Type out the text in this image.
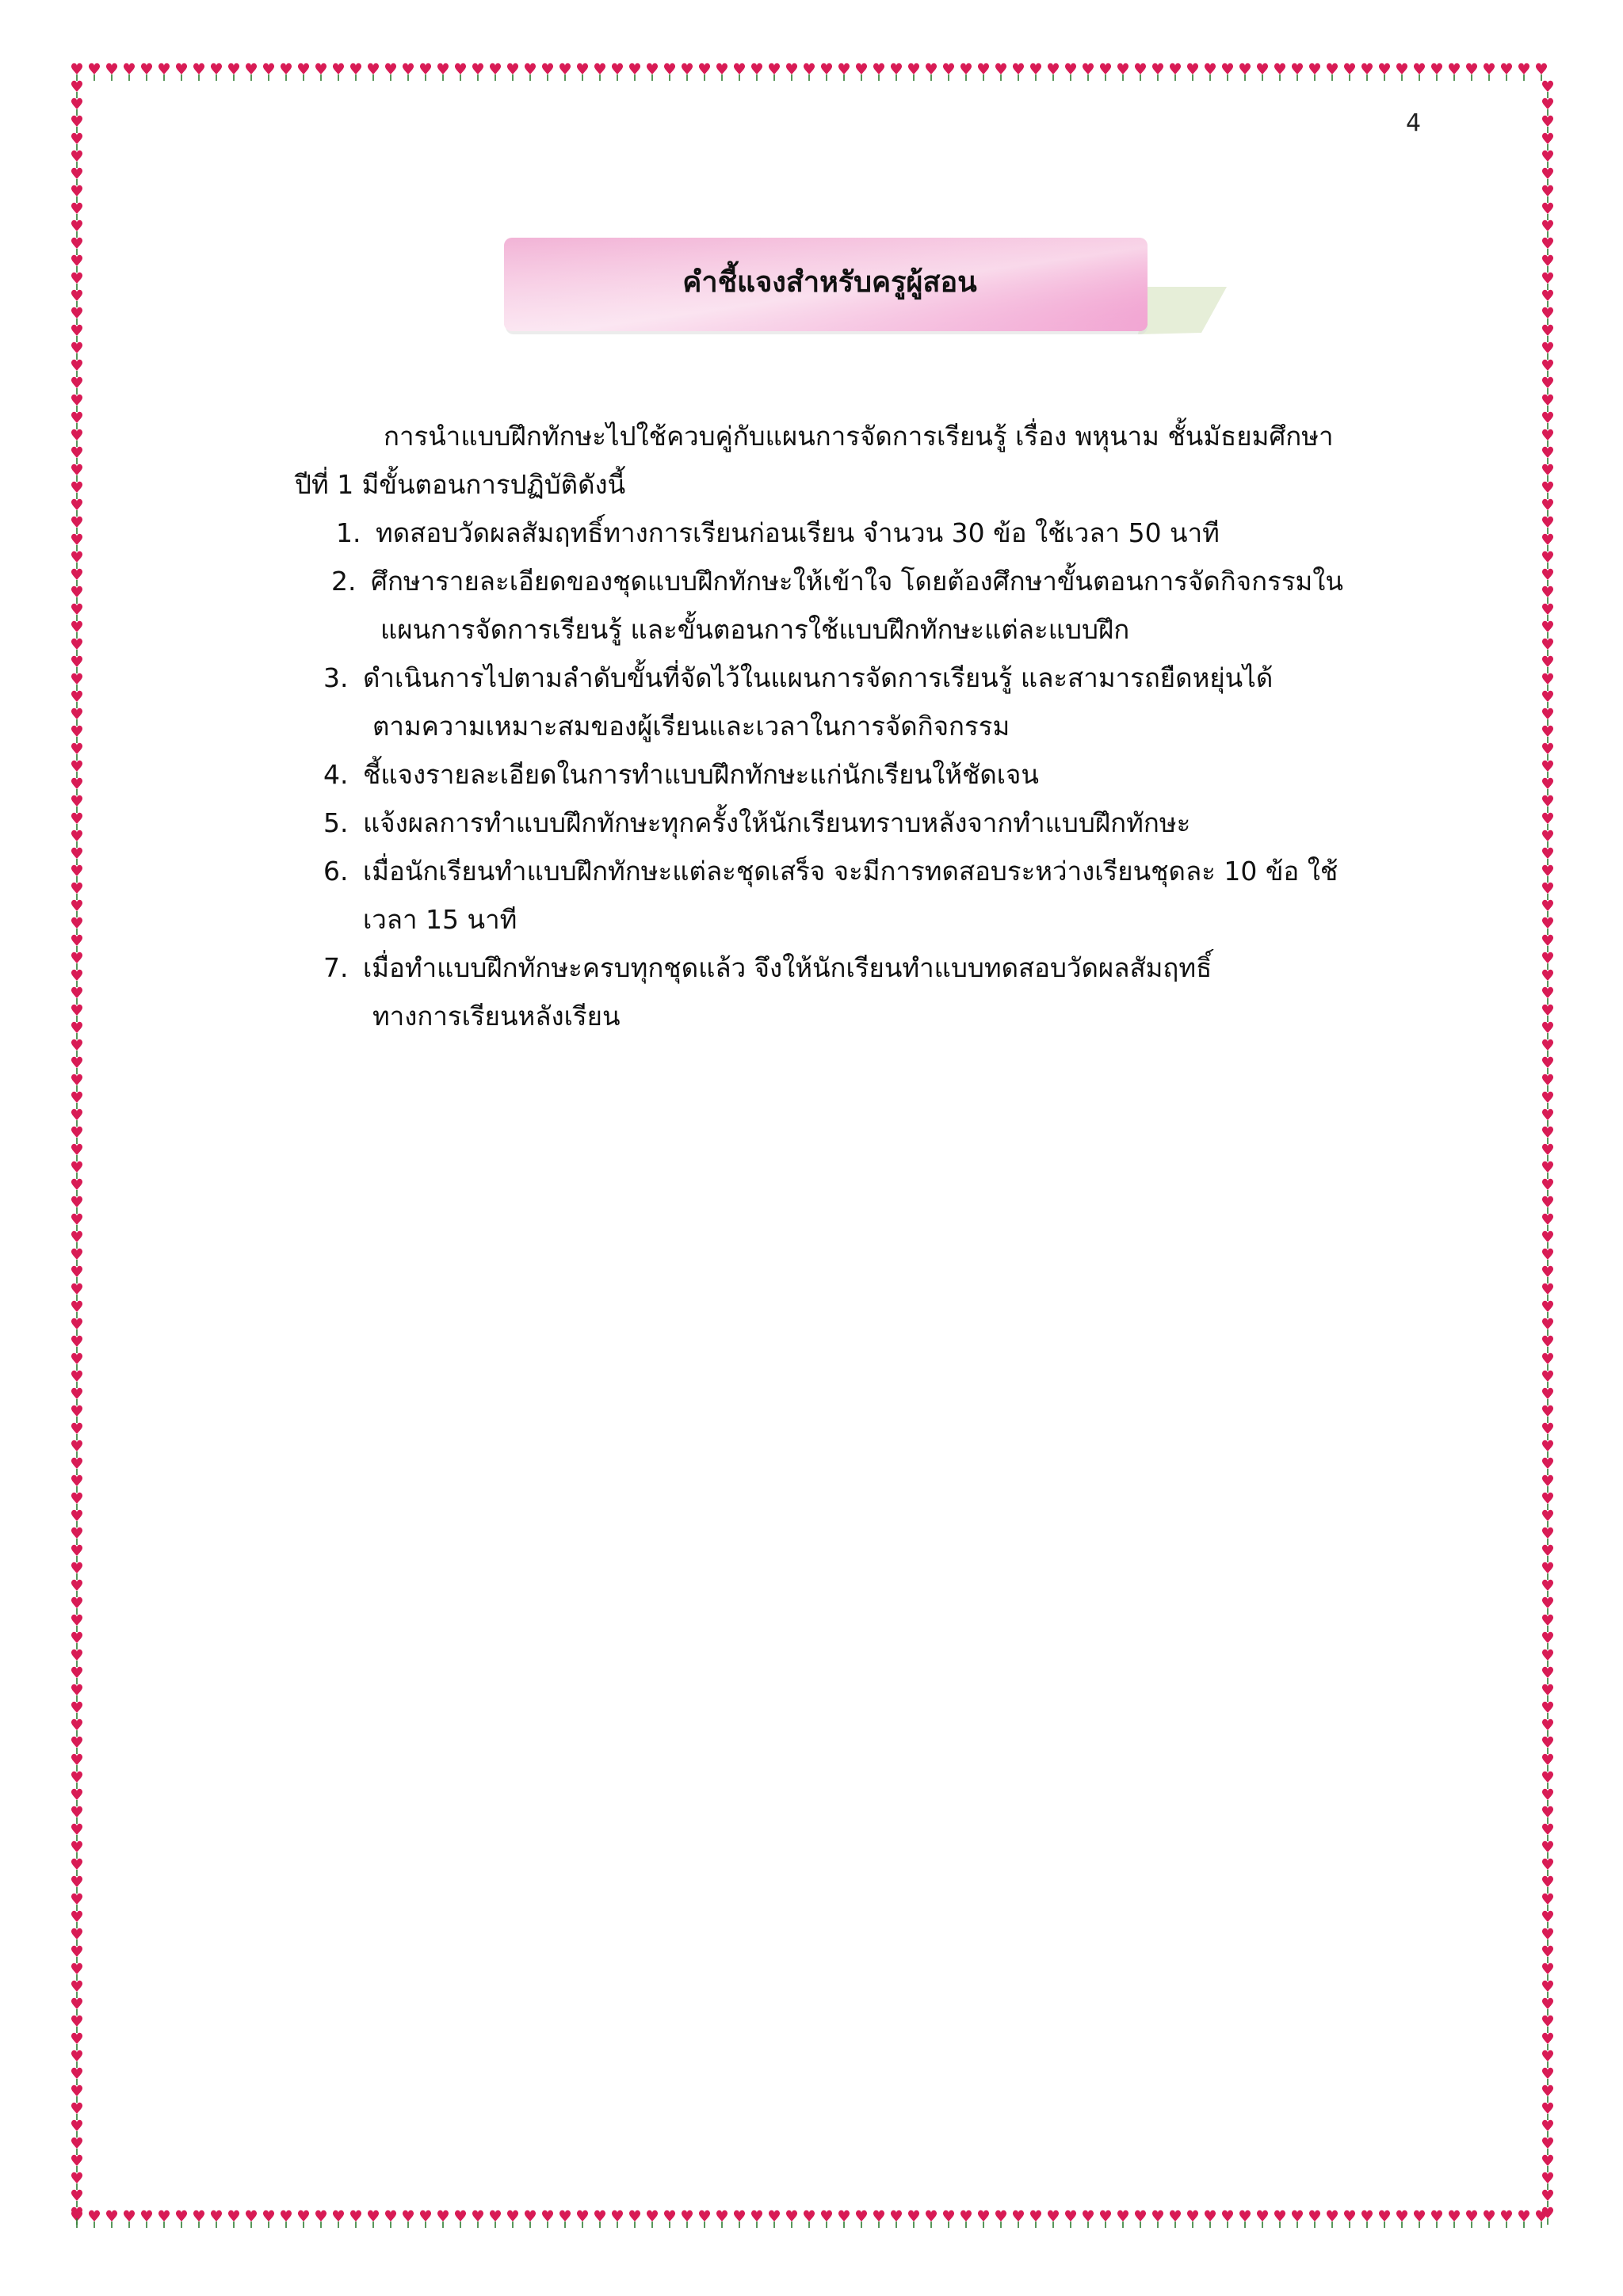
4
คำชี้แจงสำหรับครูผู้สอน

การนำแบบฝึกทักษะไปใช้ควบคู่กับแผนการจัดการเรียนรู้ เรื่อง พหุนาม ชั้นมัธยมศึกษา

ปีที่ 1 มีขั้นตอนการปฏิบัติดังนี้

1. ทดสอบวัดผลสัมฤทธิ์ทางการเรียนก่อนเรียน จำนวน 30 ข้อ ใช้เวลา 50 นาที
2. ศึกษารายละเอียดของชุดแบบฝึกทักษะให้เข้าใจ โดยต้องศึกษาขั้นตอนการจัดกิจกรรมใน
แผนการจัดการเรียนรู้ และขั้นตอนการใช้แบบฝึกทักษะแต่ละแบบฝึก
3. ดำเนินการไปตามลำดับขั้นที่จัดไว้ในแผนการจัดการเรียนรู้ และสามารถยืดหยุ่นได้
ตามความเหมาะสมของผู้เรียนและเวลาในการจัดกิจกรรม
4. ชี้แจงรายละเอียดในการทำแบบฝึกทักษะแก่นักเรียนให้ชัดเจน
5. แจ้งผลการทำแบบฝึกทักษะทุกครั้งให้นักเรียนทราบหลังจากทำแบบฝึกทักษะ
6. เมื่อนักเรียนทำแบบฝึกทักษะแต่ละชุดเสร็จ จะมีการทดสอบระหว่างเรียนชุดละ 10 ข้อ ใช้
เวลา 15 นาที
7. เมื่อทำแบบฝึกทักษะครบทุกชุดแล้ว จึงให้นักเรียนทำแบบทดสอบวัดผลสัมฤทธิ์
ทางการเรียนหลังเรียน
